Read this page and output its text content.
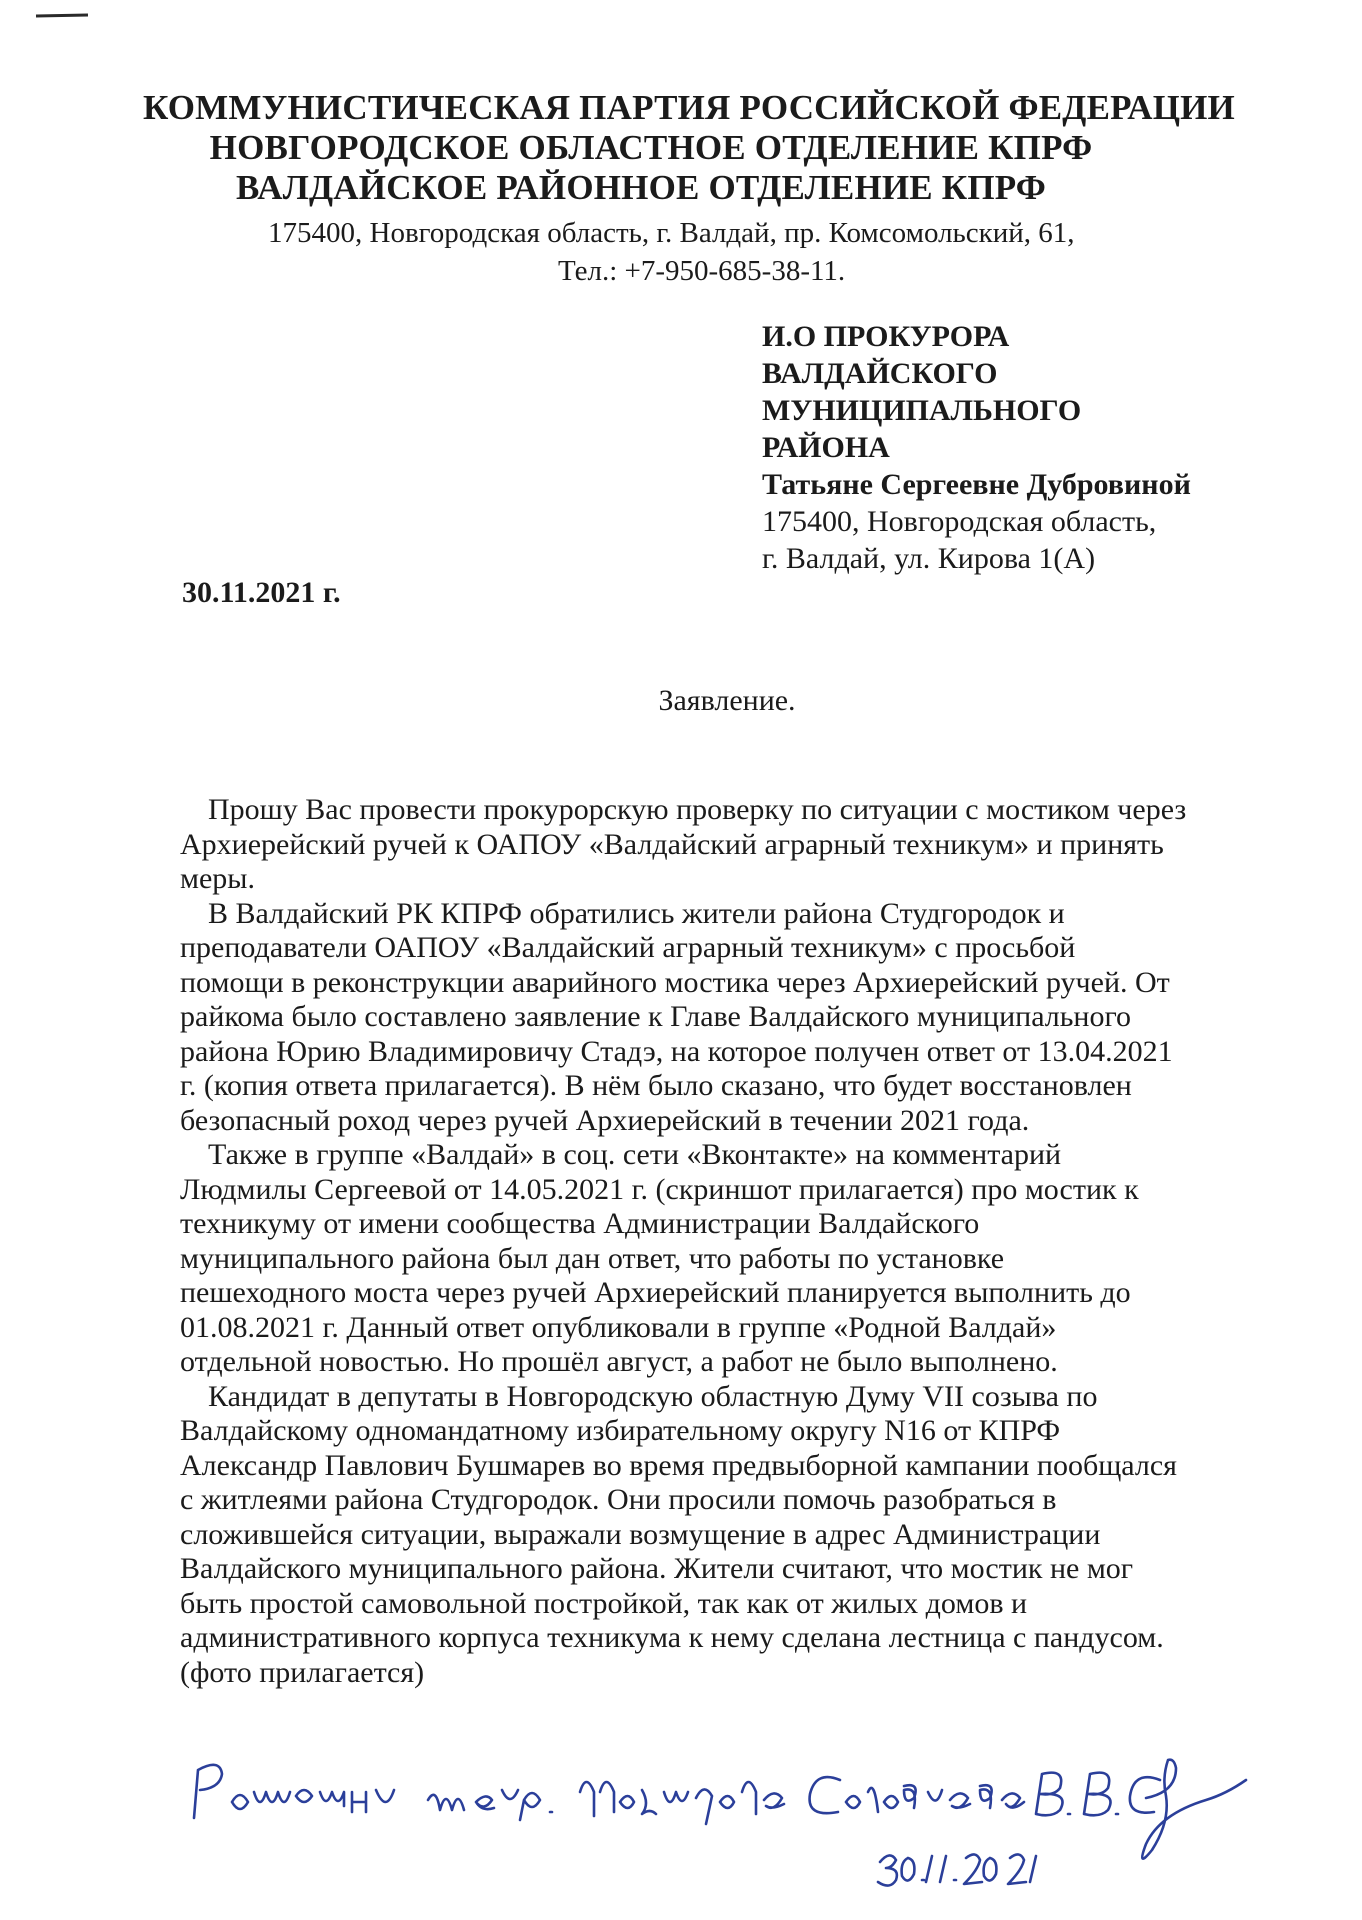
КОММУНИСТИЧЕСКАЯ ПАРТИЯ РОССИЙСКОЙ ФЕДЕРАЦИИ
НОВГОРОДСКОЕ ОБЛАСТНОЕ ОТДЕЛЕНИЕ КПРФ
ВАЛДАЙСКОЕ РАЙОННОЕ ОТДЕЛЕНИЕ КПРФ
175400, Новгородская область, г. Валдай, пр. Комсомольский, 61,
Тел.: +7-950-685-38-11.
И.О ПРОКУРОРА
ВАЛДАЙСКОГО
МУНИЦИПАЛЬНОГО
РАЙОНА
Татьяне Сергеевне Дубровиной
175400, Новгородская область,
г. Валдай, ул. Кирова 1(А)
30.11.2021 г.
Заявление.
Прошу Вас провести прокурорскую проверку по ситуации с мостиком через
Архиерейский ручей к ОАПОУ «Валдайский аграрный техникум» и принять
меры.
В Валдайский РК КПРФ обратились жители района Студгородок и
преподаватели ОАПОУ «Валдайский аграрный техникум» с просьбой
помощи в реконструкции аварийного мостика через Архиерейский ручей. От
райкома было составлено заявление к Главе Валдайского муниципального
района Юрию Владимировичу Стадэ, на которое получен ответ от 13.04.2021
г. (копия ответа прилагается). В нём было сказано, что будет восстановлен
безопасный роход через ручей Архиерейский в течении 2021 года.
Также в группе «Валдай» в соц. сети «Вконтакте» на комментарий
Людмилы Сергеевой от 14.05.2021 г. (скриншот прилагается) про мостик к
техникуму от имени сообщества Администрации Валдайского
муниципального района был дан ответ, что работы по установке
пешеходного моста через ручей Архиерейский планируется выполнить до
01.08.2021 г. Данный ответ опубликовали в группе «Родной Валдай»
отдельной новостью. Но прошёл август, а работ не было выполнено.
Кандидат в депутаты в Новгородскую областную Думу VII созыва по
Валдайскому одномандатному избирательному округу N16 от КПРФ
Александр Павлович Бушмарев во время предвыборной кампании пообщался
с житлеями района Студгородок. Они просили помочь разобраться в
сложившейся ситуации, выражали возмущение в адрес Администрации
Валдайского муниципального района. Жители считают, что мостик не мог
быть простой самовольной постройкой, так как от жилых домов и
административного корпуса техникума к нему сделана лестница с пандусом.
(фото прилагается)
